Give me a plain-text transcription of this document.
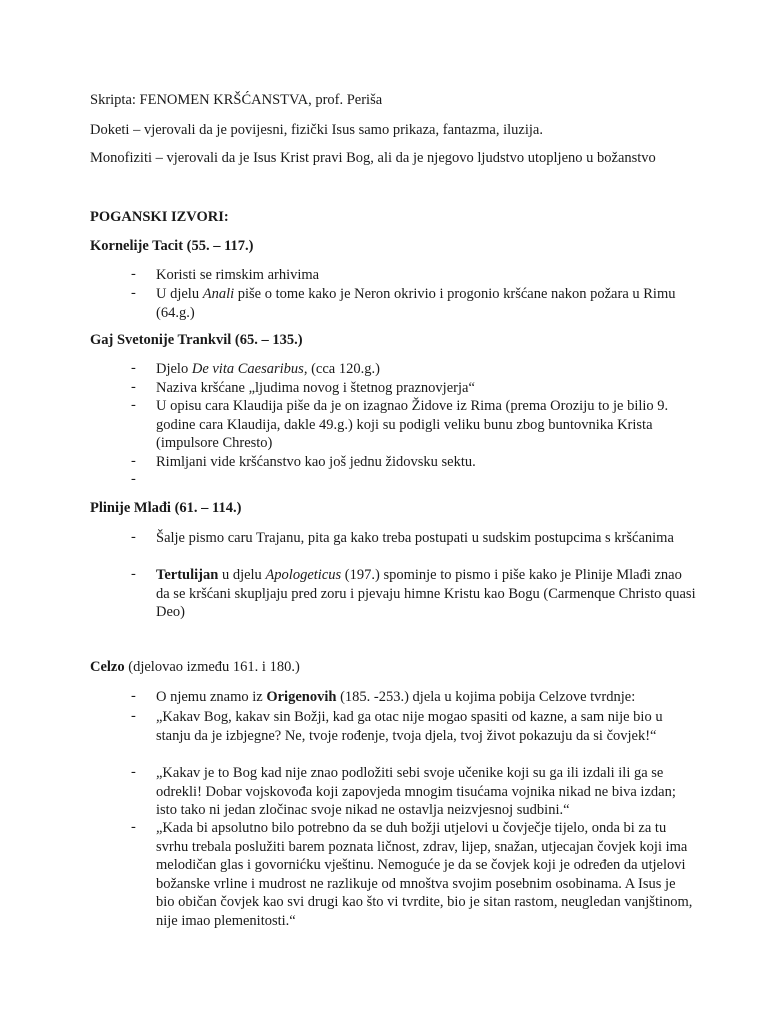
Skripta: FENOMEN KRŠĆANSTVA, prof. Periša
Doketi – vjerovali da je povijesni, fizički Isus samo prikaza, fantazma, iluzija.
Monofiziti – vjerovali da je Isus Krist pravi Bog, ali da je njegovo ljudstvo utopljeno u božanstvo
POGANSKI IZVORI:
Kornelije Tacit (55. – 117.)
- Koristi se rimskim arhivima
- U djelu Anali piše o tome kako je Neron okrivio i progonio kršćane nakon požara u Rimu (64.g.)
Gaj Svetonije Trankvil (65. – 135.)
- Djelo De vita Caesaribus, (cca 120.g.)
- Naziva kršćane „ljudima novog i štetnog praznovjerja“
- U opisu cara Klaudija piše da je on izagnao Židove iz Rima (prema Oroziju to je bilio 9. godine cara Klaudija, dakle 49.g.) koji su podigli veliku bunu zbog buntovnika Krista (impulsore Chresto)
- Rimljani vide kršćanstvo kao još jednu židovsku sektu.
-
Plinije Mlađi (61. – 114.)
- Šalje pismo caru Trajanu, pita ga kako treba postupati u sudskim postupcima s kršćanima
- Tertulijan u djelu Apologeticus (197.) spominje to pismo i piše kako je Plinije Mlađi znao da se kršćani skupljaju pred zoru i pjevaju himne Kristu kao Bogu (Carmenque Christo quasi Deo)
Celzo (djelovao između 161. i 180.)
- O njemu znamo iz Origenovih (185. -253.) djela u kojima pobija Celzove tvrdnje:
- „Kakav Bog, kakav sin Božji, kad ga otac nije mogao spasiti od kazne, a sam nije bio u stanju da je izbjegne? Ne, tvoje rođenje, tvoja djela, tvoj život pokazuju da si čovjek!“
- „Kakav je to Bog kad nije znao podložiti sebi svoje učenike koji su ga ili izdali ili ga se odrekli! Dobar vojskovođa koji zapovjeda mnogim tisućama vojnika nikad ne biva izdan; isto tako ni jedan zločinac svoje nikad ne ostavlja neizvjesnoj sudbini.“
- „Kada bi apsolutno bilo potrebno da se duh božji utjelovi u čovječje tijelo, onda bi za tu svrhu trebala poslužiti barem poznata ličnost, zdrav, lijep, snažan, utjecajan čovjek koji ima melodičan glas i govornićku vještinu. Nemoguće je da se čovjek koji je određen da utjelovi božanske vrline i mudrost ne razlikuje od mnoštva svojim posebnim osobinama. A Isus je bio običan čovjek kao svi drugi kao što vi tvrdite, bio je sitan rastom, neugledan vanjštinom, nije imao plemenitosti.“
